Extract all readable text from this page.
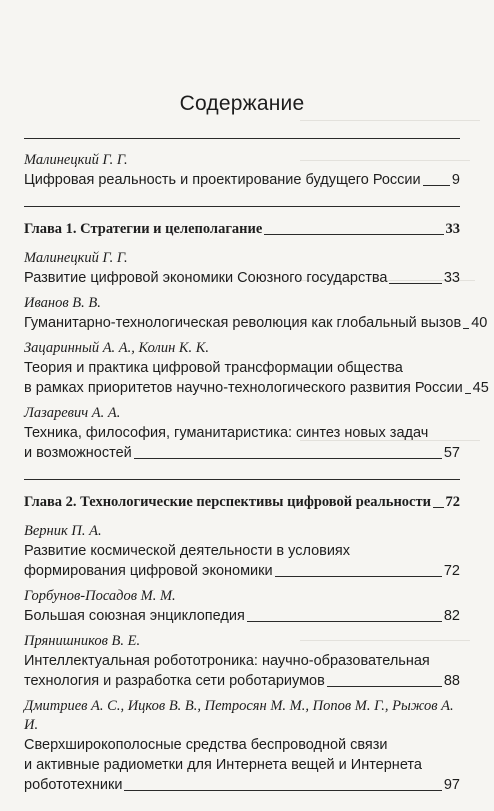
Содержание

Малинецкий Г. Г.

Цифровая реальность и проектирование будущего России 9
Глава 1. Стратегии и целеполагание	33

Малинецкий Г. Г.

Развитие цифровой экономики Союзного государства	33

Иванов В. В.

Гуманитарно-технологическая революция как глобальный вызов 40

Зацаринный А. А., Колин К. К.

Теория и практика цифровой трансформации общества
в рамках приоритетов научно-технологического развития России 45

Лазаревич А. А.

Техника, философия, гуманитаристика: синтез новых задач
и возможностей	57
Глава 2. Технологические перспективы цифровой реальности 72

Верник П. А.

Развитие космической деятельности в условиях
формирования цифровой экономики	72

Горбунов-Посадов М. М.

Большая союзная энциклопедия	82

Прянишников В. Е.

Интеллектуальная робототроника: научно-образовательная
технология и разработка сети роботариумов	88

Дмитриев А. С., Ицков В. В., Петросян М. М., Попов М. Г., Рыжов А. И.

Сверхширокополосные средства беспроводной связи
и активные радиометки для Интернета вещей и Интернета
робототехники	97
